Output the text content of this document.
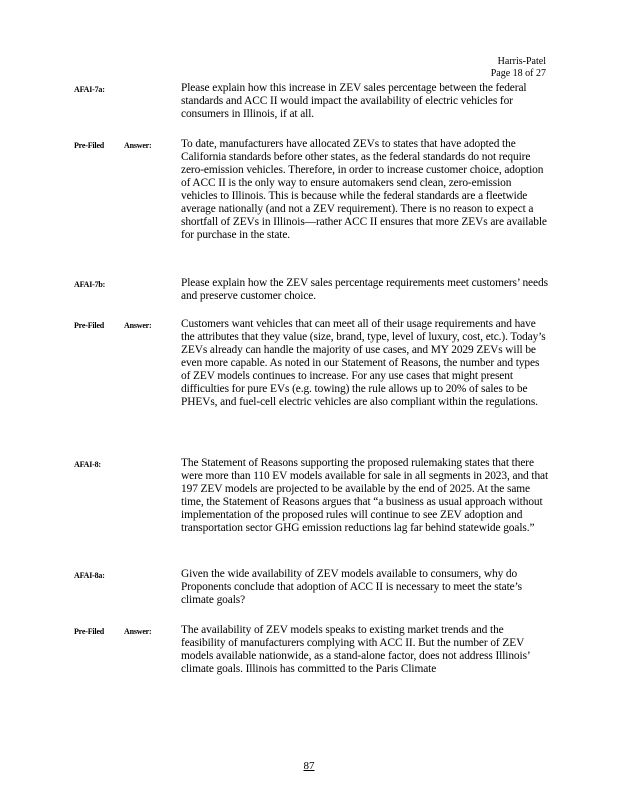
Harris-Patel
Page 18 of 27
AFAI-7a:	Please explain how this increase in ZEV sales percentage between the federal standards and ACC II would impact the availability of electric vehicles for consumers in Illinois, if at all.
Pre-Filed Answer:	To date, manufacturers have allocated ZEVs to states that have adopted the California standards before other states, as the federal standards do not require zero-emission vehicles. Therefore, in order to increase customer choice, adoption of ACC II is the only way to ensure automakers send clean, zero-emission vehicles to Illinois. This is because while the federal standards are a fleetwide average nationally (and not a ZEV requirement). There is no reason to expect a shortfall of ZEVs in Illinois—rather ACC II ensures that more ZEVs are available for purchase in the state.
AFAI-7b:	Please explain how the ZEV sales percentage requirements meet customers’ needs and preserve customer choice.
Pre-Filed Answer:	Customers want vehicles that can meet all of their usage requirements and have the attributes that they value (size, brand, type, level of luxury, cost, etc.). Today’s ZEVs already can handle the majority of use cases, and MY 2029 ZEVs will be even more capable. As noted in our Statement of Reasons, the number and types of ZEV models continues to increase. For any use cases that might present difficulties for pure EVs (e.g. towing) the rule allows up to 20% of sales to be PHEVs, and fuel-cell electric vehicles are also compliant within the regulations.
AFAI-8:	The Statement of Reasons supporting the proposed rulemaking states that there were more than 110 EV models available for sale in all segments in 2023, and that 197 ZEV models are projected to be available by the end of 2025. At the same time, the Statement of Reasons argues that “a business as usual approach without implementation of the proposed rules will continue to see ZEV adoption and transportation sector GHG emission reductions lag far behind statewide goals.”
AFAI-8a:	Given the wide availability of ZEV models available to consumers, why do Proponents conclude that adoption of ACC II is necessary to meet the state’s climate goals?
Pre-Filed Answer:	The availability of ZEV models speaks to existing market trends and the feasibility of manufacturers complying with ACC II. But the number of ZEV models available nationwide, as a stand-alone factor, does not address Illinois’ climate goals. Illinois has committed to the Paris Climate
87
